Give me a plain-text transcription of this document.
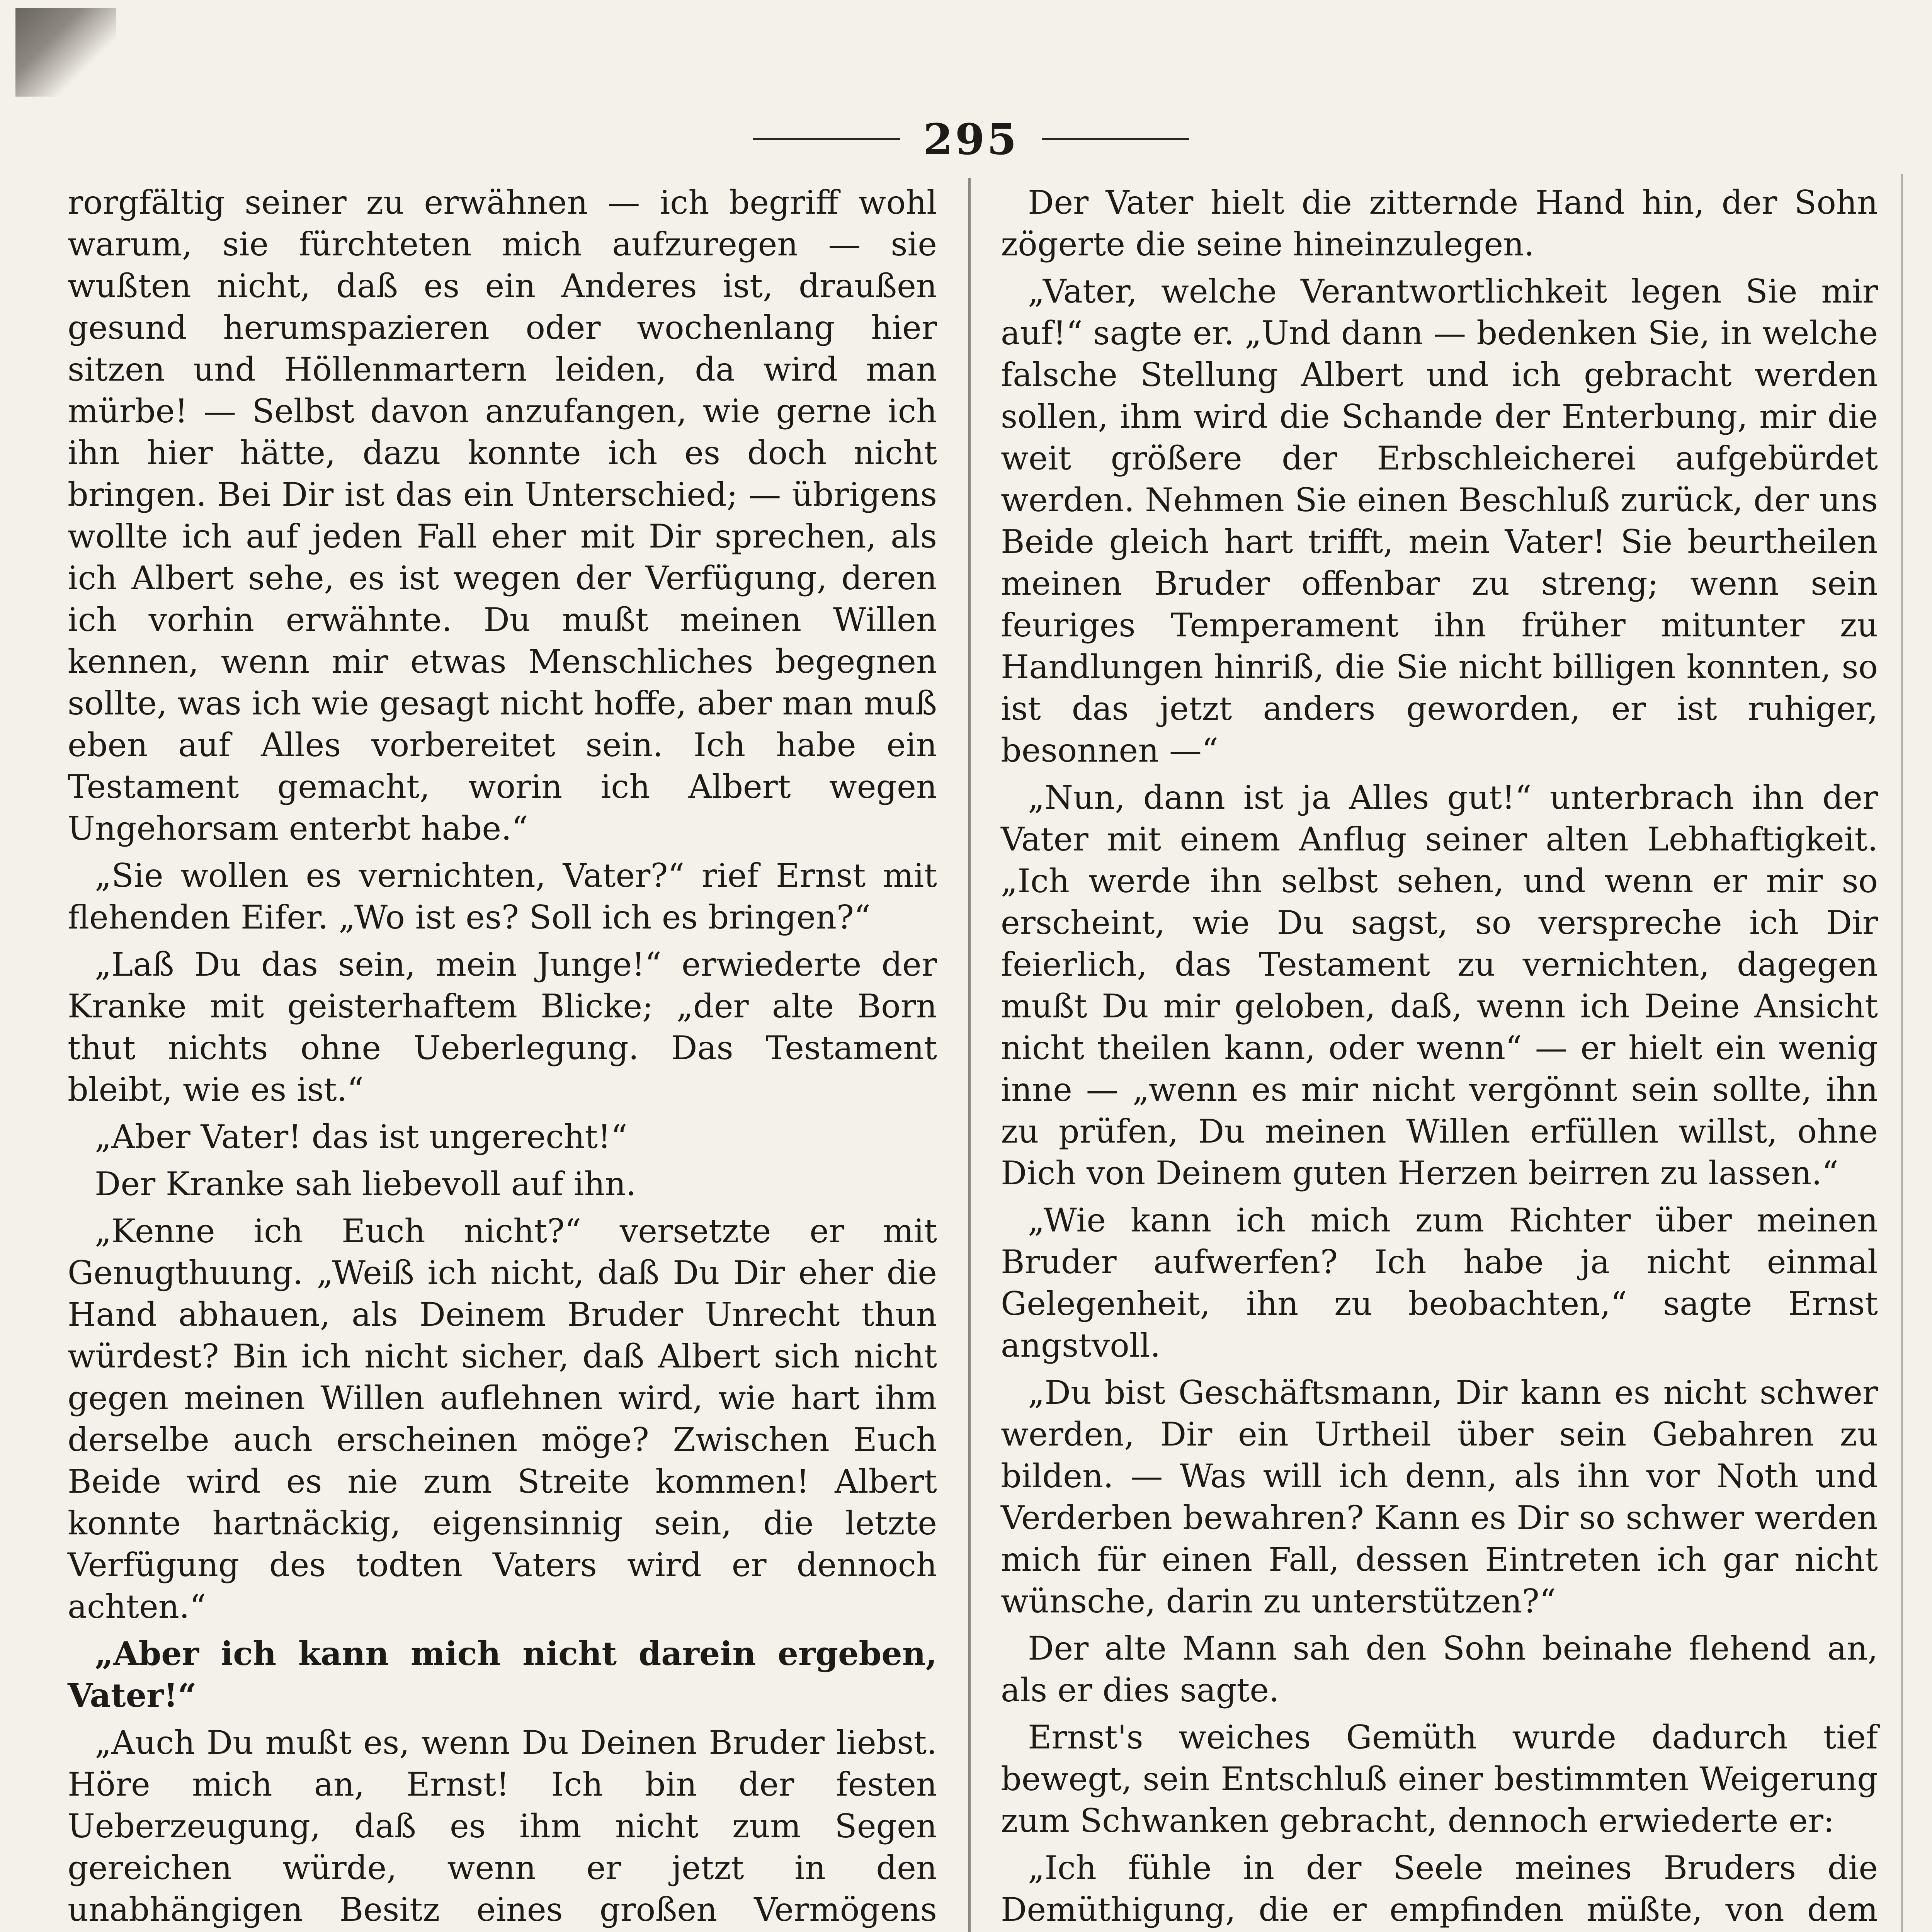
295

rorgfältig seiner zu erwähnen — ich begriff wohl warum, sie fürchteten mich aufzuregen — sie wußten nicht, daß es ein Anderes ist, draußen gesund herumspazieren oder wochenlang hier sitzen und Höllenmartern leiden, da wird man mürbe! — Selbst davon anzufangen, wie gerne ich ihn hier hätte, dazu konnte ich es doch nicht bringen. Bei Dir ist das ein Unterschied; — übrigens wollte ich auf jeden Fall eher mit Dir sprechen, als ich Albert sehe, es ist wegen der Verfügung, deren ich vorhin erwähnte. Du mußt meinen Willen kennen, wenn mir etwas Menschliches begegnen sollte, was ich wie gesagt nicht hoffe, aber man muß eben auf Alles vorbereitet sein. Ich habe ein Testament gemacht, worin ich Albert wegen Ungehorsam enterbt habe.“

„Sie wollen es vernichten, Vater?“ rief Ernst mit flehenden Eifer. „Wo ist es? Soll ich es bringen?“

„Laß Du das sein, mein Junge!“ erwiederte der Kranke mit geisterhaftem Blicke; „der alte Born thut nichts ohne Ueberlegung. Das Testament bleibt, wie es ist.“

„Aber Vater! das ist ungerecht!“

Der Kranke sah liebevoll auf ihn.

„Kenne ich Euch nicht?“ versetzte er mit Genugthuung. „Weiß ich nicht, daß Du Dir eher die Hand abhauen, als Deinem Bruder Unrecht thun würdest? Bin ich nicht sicher, daß Albert sich nicht gegen meinen Willen auflehnen wird, wie hart ihm derselbe auch erscheinen möge? Zwischen Euch Beide wird es nie zum Streite kommen! Albert konnte hartnäckig, eigensinnig sein, die letzte Verfügung des todten Vaters wird er dennoch achten.“

„Aber ich kann mich nicht darein ergeben, Vater!“

„Auch Du mußt es, wenn Du Deinen Bruder liebst. Höre mich an, Ernst! Ich bin der festen Ueberzeugung, daß es ihm nicht zum Segen gereichen würde, wenn er jetzt in den unabhängigen Besitz eines großen Vermögens

Der Vater hielt die zitternde Hand hin, der Sohn zögerte die seine hineinzulegen.

„Vater, welche Verantwortlichkeit legen Sie mir auf!“ sagte er. „Und dann — bedenken Sie, in welche falsche Stellung Albert und ich gebracht werden sollen, ihm wird die Schande der Enterbung, mir die weit größere der Erbschleicherei aufgebürdet werden. Nehmen Sie einen Beschluß zurück, der uns Beide gleich hart trifft, mein Vater! Sie beurtheilen meinen Bruder offenbar zu streng; wenn sein feuriges Temperament ihn früher mitunter zu Handlungen hinriß, die Sie nicht billigen konnten, so ist das jetzt anders geworden, er ist ruhiger, besonnen —“

„Nun, dann ist ja Alles gut!“ unterbrach ihn der Vater mit einem Anflug seiner alten Lebhaftigkeit. „Ich werde ihn selbst sehen, und wenn er mir so erscheint, wie Du sagst, so verspreche ich Dir feierlich, das Testament zu vernichten, dagegen mußt Du mir geloben, daß, wenn ich Deine Ansicht nicht theilen kann, oder wenn“ — er hielt ein wenig inne — „wenn es mir nicht vergönnt sein sollte, ihn zu prüfen, Du meinen Willen erfüllen willst, ohne Dich von Deinem guten Herzen beirren zu lassen.“

„Wie kann ich mich zum Richter über meinen Bruder aufwerfen? Ich habe ja nicht einmal Gelegenheit, ihn zu beobachten,“ sagte Ernst angstvoll.

„Du bist Geschäftsmann, Dir kann es nicht schwer werden, Dir ein Urtheil über sein Gebahren zu bilden. — Was will ich denn, als ihn vor Noth und Verderben bewahren? Kann es Dir so schwer werden mich für einen Fall, dessen Eintreten ich gar nicht wünsche, darin zu unterstützen?“

Der alte Mann sah den Sohn beinahe flehend an, als er dies sagte.

Ernst's weiches Gemüth wurde dadurch tief bewegt, sein Entschluß einer bestimmten Weigerung zum Schwanken gebracht, dennoch erwiederte er:

„Ich fühle in der Seele meines Bruders die Demüthigung, die er empfinden müßte, von dem
